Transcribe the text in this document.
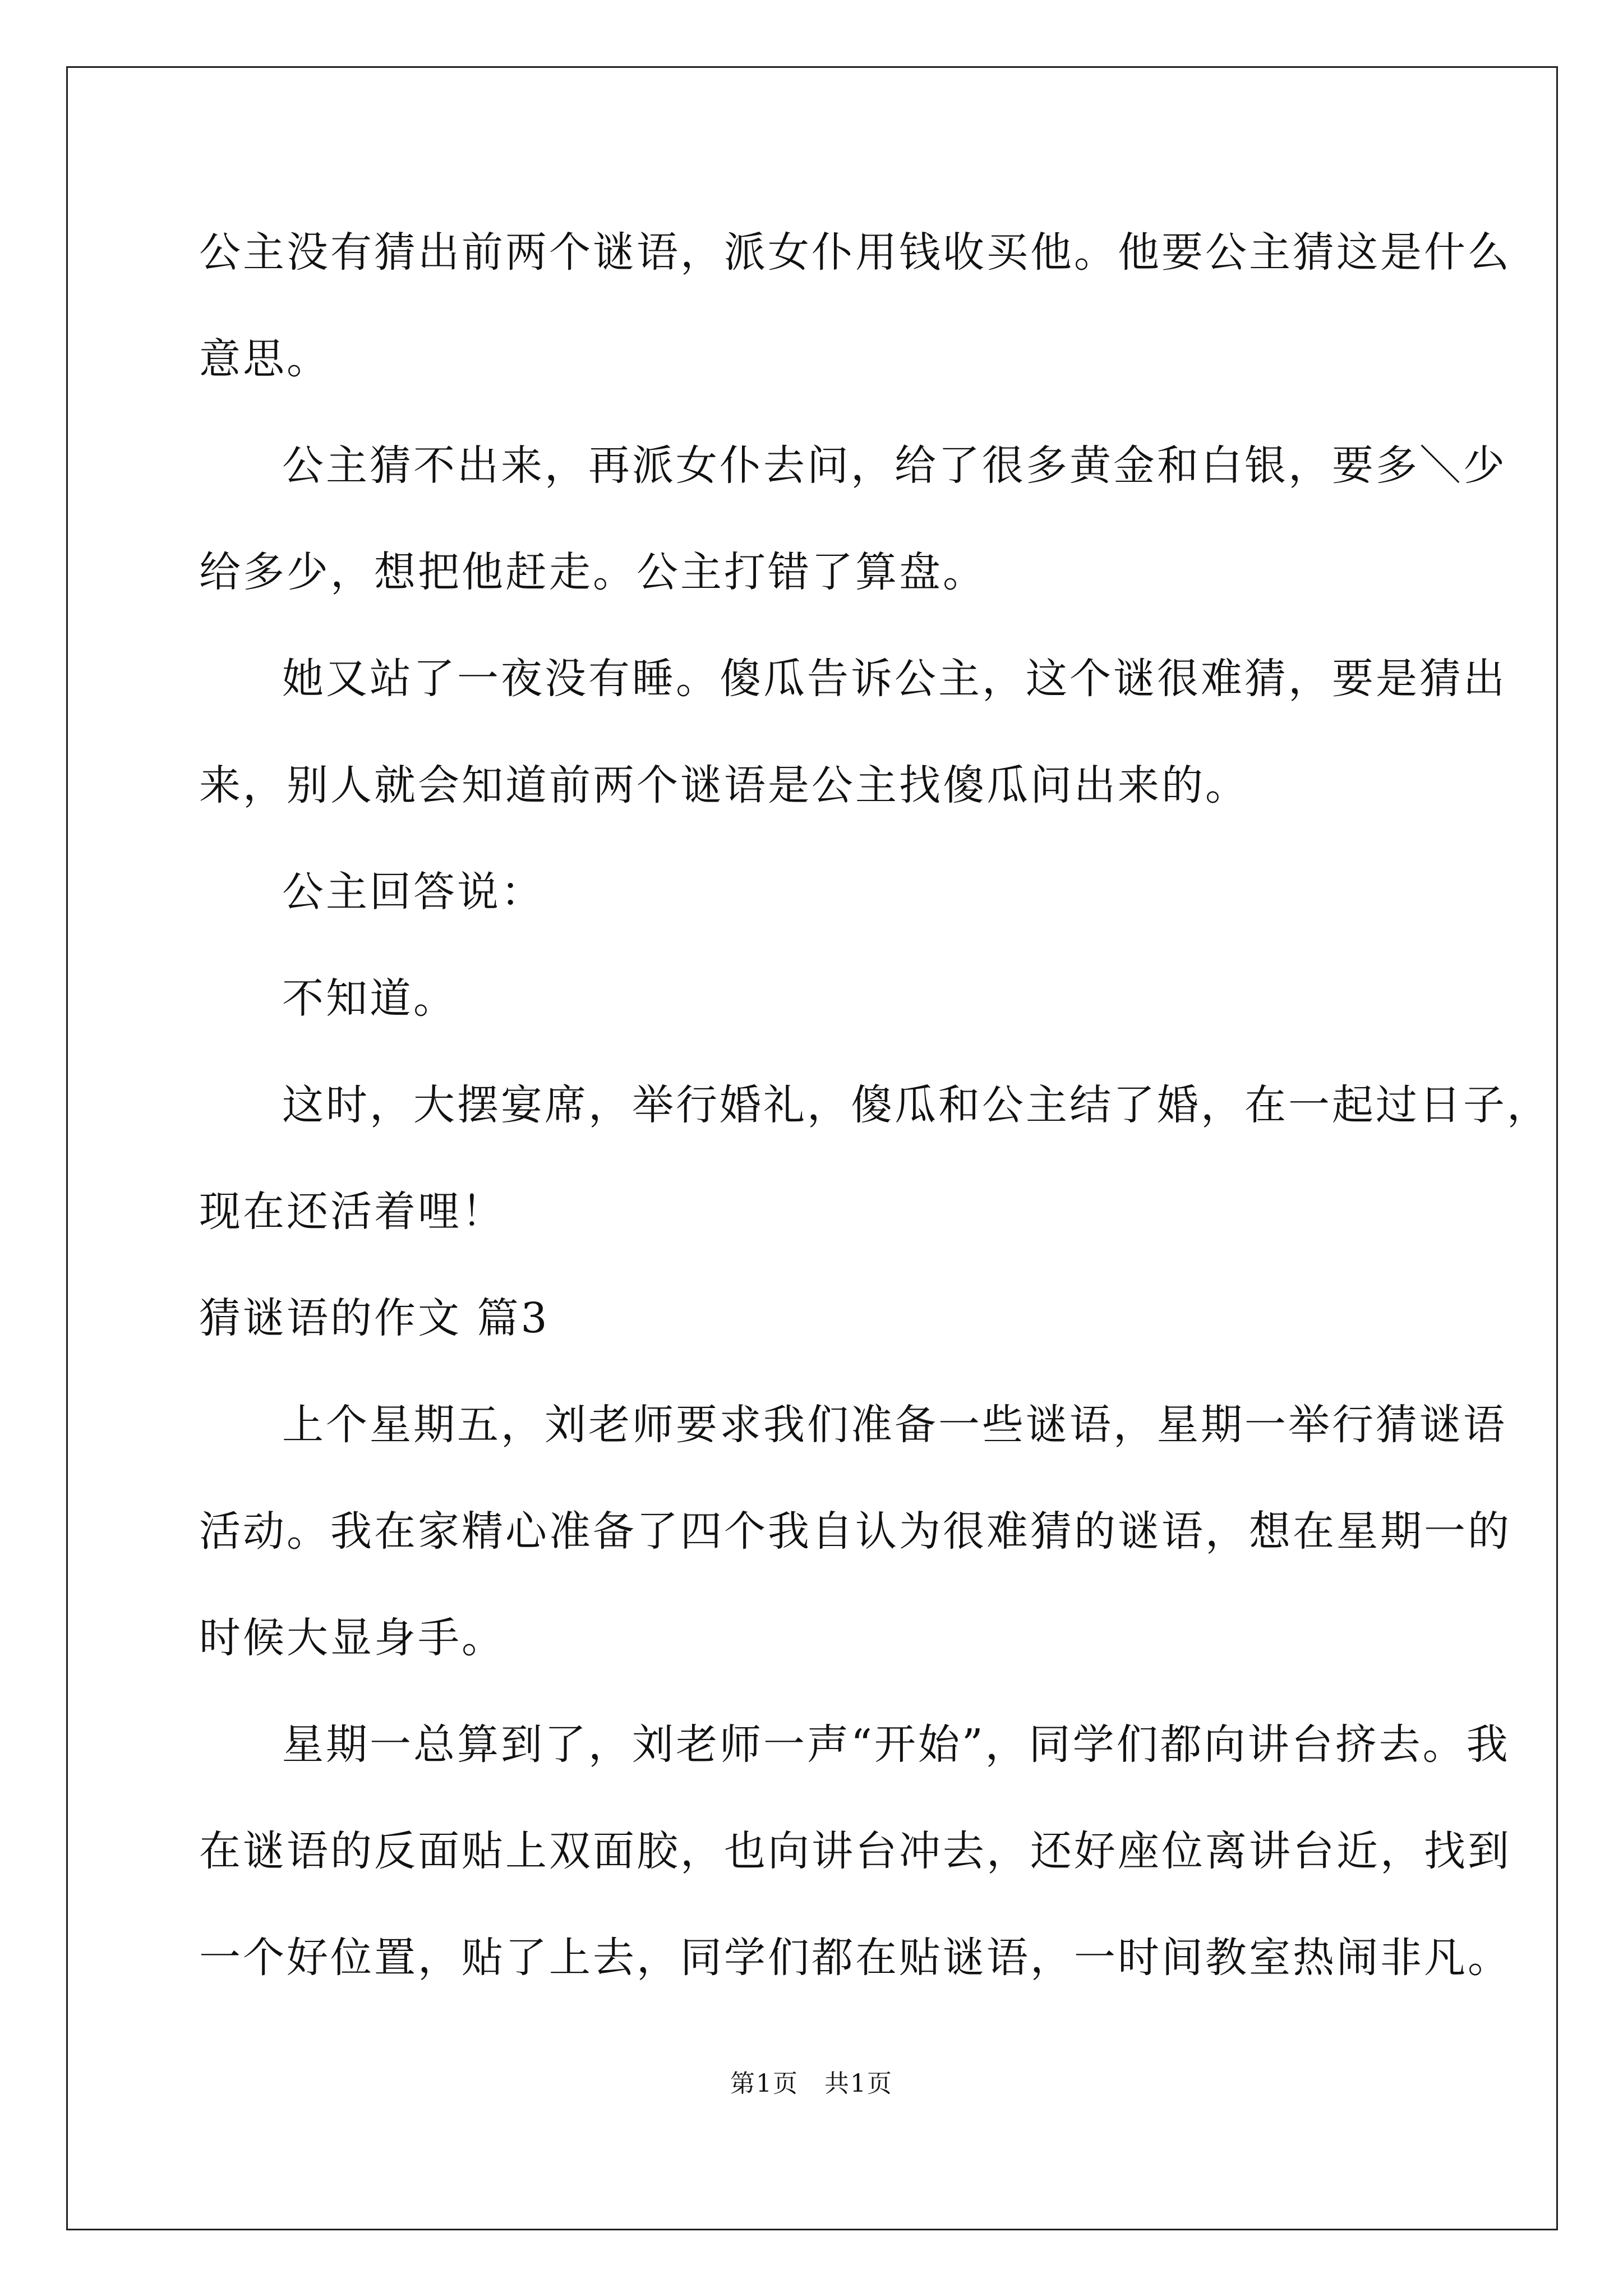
公主没有猜出前两个谜语，派女仆用钱收买他。他要公主猜这是什么
意思。
公主猜不出来，再派女仆去问，给了很多黄金和白银，要多＼少
给多少，想把他赶走。公主打错了算盘。
她又站了一夜没有睡。傻瓜告诉公主，这个谜很难猜，要是猜出
来，别人就会知道前两个谜语是公主找傻瓜问出来的。
公主回答说：
不知道。
这时，大摆宴席，举行婚礼，傻瓜和公主结了婚，在一起过日子，
现在还活着哩！
猜谜语的作文 篇3
上个星期五，刘老师要求我们准备一些谜语，星期一举行猜谜语
活动。我在家精心准备了四个我自认为很难猜的谜语，想在星期一的
时候大显身手。
星期一总算到了，刘老师一声“开始”，同学们都向讲台挤去。我
在谜语的反面贴上双面胶，也向讲台冲去，还好座位离讲台近，找到
一个好位置，贴了上去，同学们都在贴谜语，一时间教室热闹非凡。
第1页　共1页
